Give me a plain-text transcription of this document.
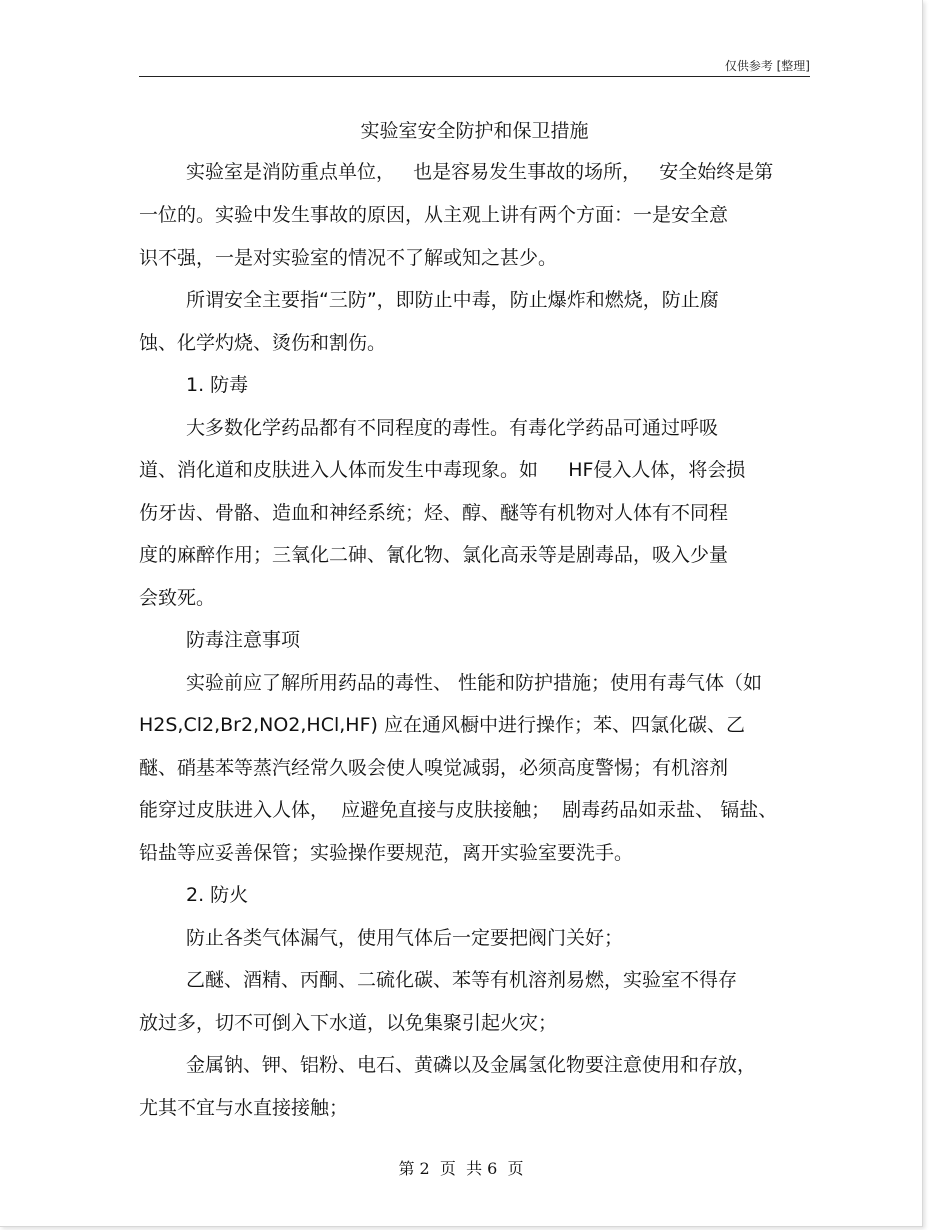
仅供参考 [整理]
实验室安全防护和保卫措施
实验室是消防重点单位，   也是容易发生事故的场所，   安全始终是第
一位的。实验中发生事故的原因，从主观上讲有两个方面：一是安全意
识不强，一是对实验室的情况不了解或知之甚少。
所谓安全主要指“三防”，即防止中毒，防止爆炸和燃烧，防止腐
蚀、化学灼烧、烫伤和割伤。
1. 防毒
大多数化学药品都有不同程度的毒性。有毒化学药品可通过呼吸
道、消化道和皮肤进入人体而发生中毒现象。如     HF侵入人体，将会损
伤牙齿、骨骼、造血和神经系统；烃、醇、醚等有机物对人体有不同程
度的麻醉作用；三氧化二砷、氰化物、氯化高汞等是剧毒品，吸入少量
会致死。
防毒注意事项
实验前应了解所用药品的毒性、 性能和防护措施；使用有毒气体（如
H2S,Cl2,Br2,NO2,HCl,HF) 应在通风橱中进行操作；苯、四氯化碳、乙
醚、硝基苯等蒸汽经常久吸会使人嗅觉减弱，必须高度警惕；有机溶剂
能穿过皮肤进入人体，  应避免直接与皮肤接触；  剧毒药品如汞盐、 镉盐、
铅盐等应妥善保管；实验操作要规范，离开实验室要洗手。
2. 防火
防止各类气体漏气，使用气体后一定要把阀门关好；
乙醚、酒精、丙酮、二硫化碳、苯等有机溶剂易燃，实验室不得存
放过多，切不可倒入下水道，以免集聚引起火灾；
金属钠、钾、铝粉、电石、黄磷以及金属氢化物要注意使用和存放，
尤其不宜与水直接接触；
第 2  页  共 6  页
